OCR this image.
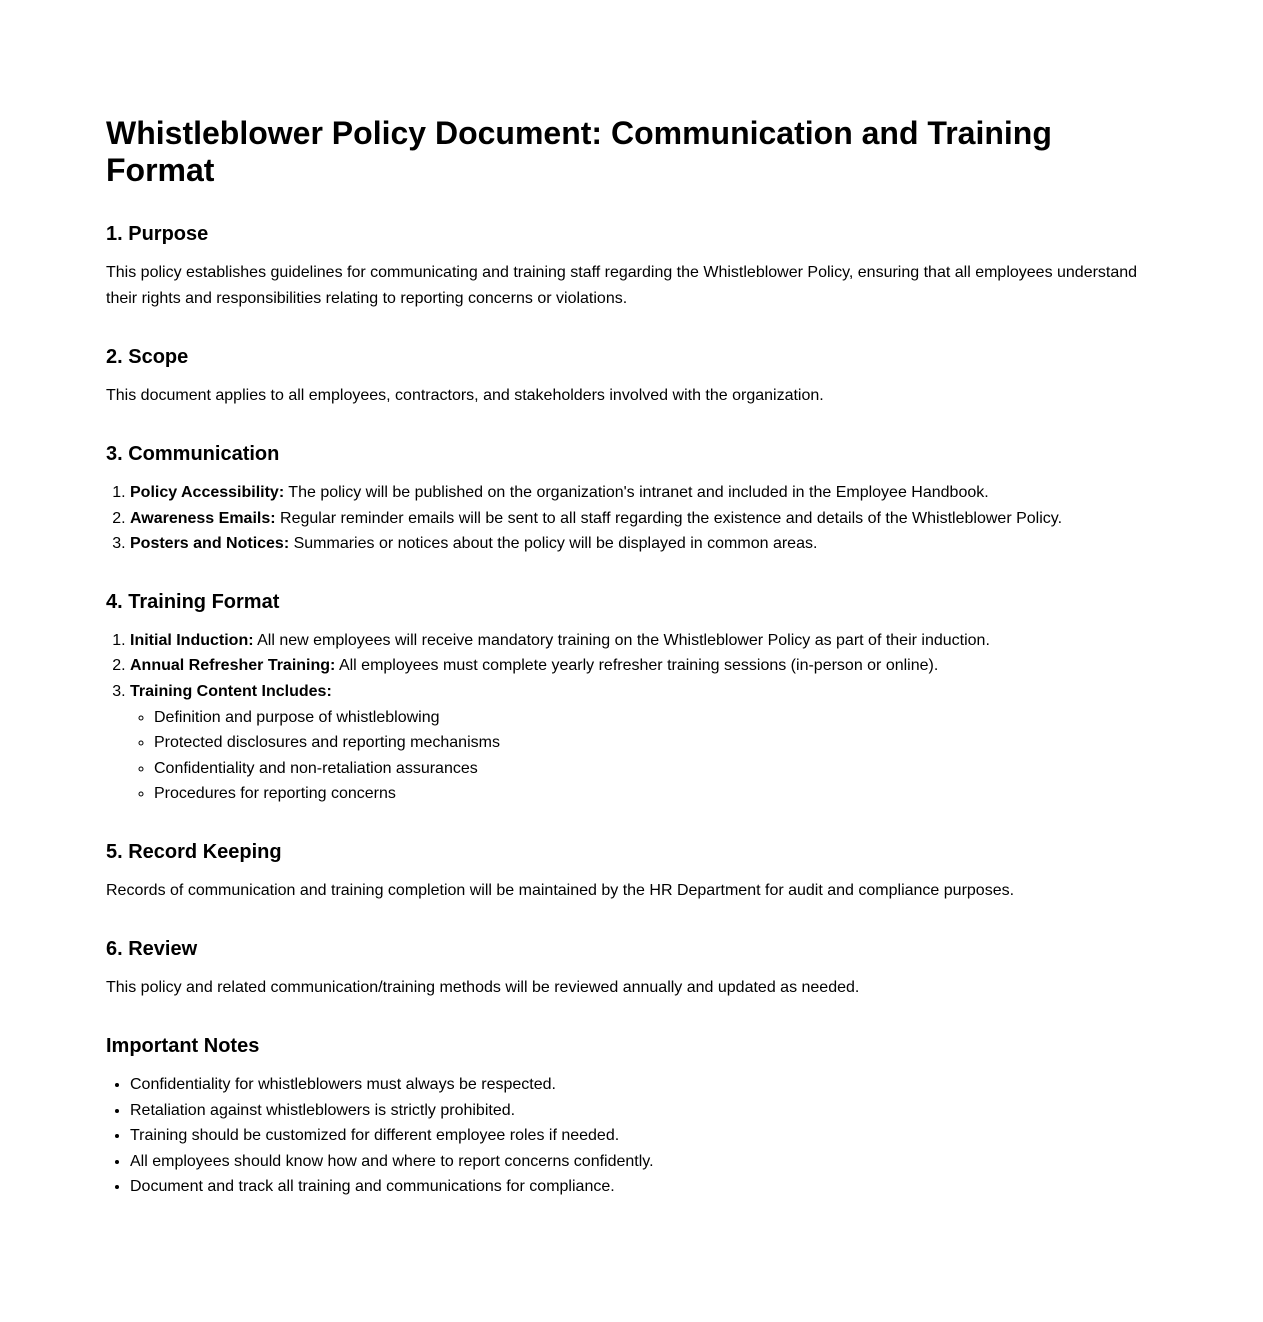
Whistleblower Policy Document: Communication and Training Format
1. Purpose

This policy establishes guidelines for communicating and training staff regarding the Whistleblower Policy, ensuring that all employees understand their rights and responsibilities relating to reporting concerns or violations.

2. Scope

This document applies to all employees, contractors, and stakeholders involved with the organization.

3. Communication
1. Policy Accessibility: The policy will be published on the organization's intranet and included in the Employee Handbook.
2. Awareness Emails: Regular reminder emails will be sent to all staff regarding the existence and details of the Whistleblower Policy.
3. Posters and Notices: Summaries or notices about the policy will be displayed in common areas.
4. Training Format
1. Initial Induction: All new employees will receive mandatory training on the Whistleblower Policy as part of their induction.
2. Annual Refresher Training: All employees must complete yearly refresher training sessions (in-person or online).
3. Training Content Includes:
◦ Definition and purpose of whistleblowing
◦ Protected disclosures and reporting mechanisms
◦ Confidentiality and non-retaliation assurances
◦ Procedures for reporting concerns
5. Record Keeping

Records of communication and training completion will be maintained by the HR Department for audit and compliance purposes.

6. Review

This policy and related communication/training methods will be reviewed annually and updated as needed.

Important Notes
• Confidentiality for whistleblowers must always be respected.
• Retaliation against whistleblowers is strictly prohibited.
• Training should be customized for different employee roles if needed.
• All employees should know how and where to report concerns confidently.
• Document and track all training and communications for compliance.
